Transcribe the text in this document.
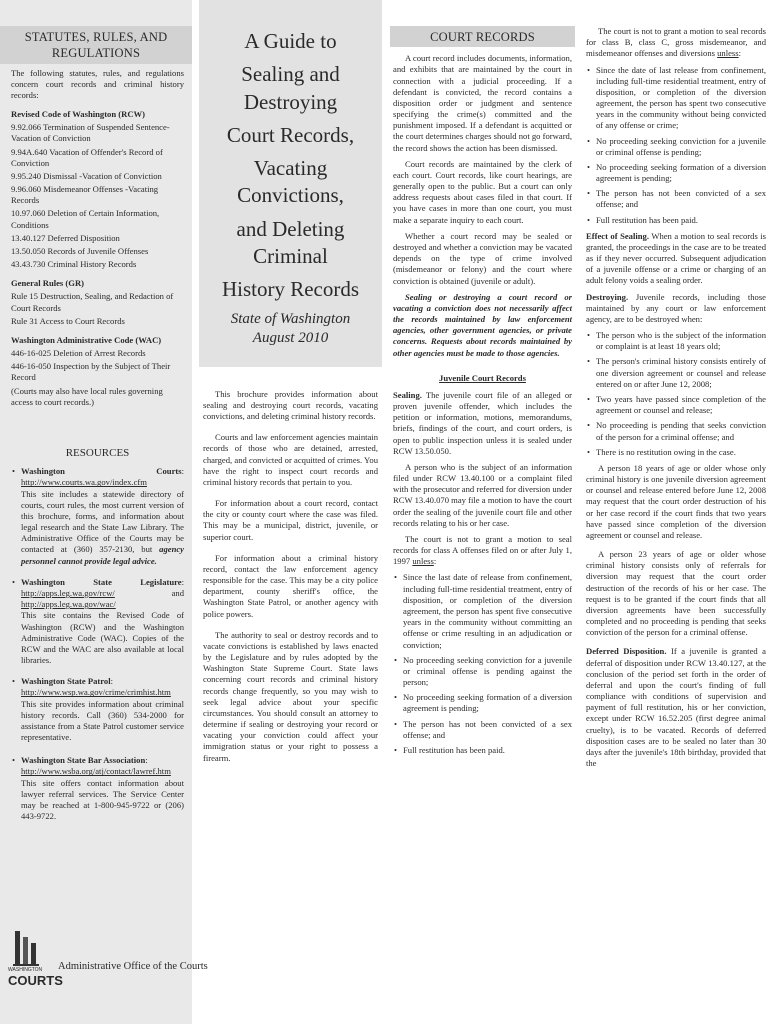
STATUTES, RULES, AND REGULATIONS

The following statutes, rules, and regulations concern court records and criminal history records:

Revised Code of Washington (RCW)
9.92.066 Termination of Suspended Sentence-Vacation of Conviction
9.94A.640 Vacation of Offender's Record of Conviction
9.95.240 Dismissal -Vacation of Conviction
9.96.060 Misdemeanor Offenses -Vacating Records
10.97.060 Deletion of Certain Information, Conditions
13.40.127 Deferred Disposition
13.50.050 Records of Juvenile Offenses
43.43.730 Criminal History Records
General Rules (GR)
Rule 15 Destruction, Sealing, and Redaction of Court Records
Rule 31 Access to Court Records
Washington Administrative Code (WAC)
446-16-025 Deletion of Arrest Records
446-16-050 Inspection by the Subject of Their Record
(Courts may also have local rules governing access to court records.)
RESOURCES
• Washington Courts: http://www.courts.wa.gov/index.cfm
This site includes a statewide directory of courts, court rules, the most current version of this brochure, forms, and information about legal research and the State Law Library. The Administrative Office of the Courts may be contacted at (360) 357-2130, but agency personnel cannot provide legal advice.
• Washington State Legislature: http://apps.leg.wa.gov/rcw/	and http://apps.leg.wa.gov/wac/
This site contains the Revised Code of Washington (RCW) and the Washington Administrative Code (WAC). Copies of the RCW and the WAC are also available at local libraries.
• Washington State Patrol:
http://www.wsp.wa.gov/crime/crimhist.htm
This site provides information about criminal history records. Call (360) 534-2000 for assistance from a State Patrol customer service representative.
• Washington State Bar Association:
http://www.wsba.org/atj/contact/lawref.htm
This site offers contact information about lawyer referral services. The Service Center may be reached at 1-800-945-9722 or (206) 443-9722.
WASHINGTON
COURTS
Administrative Office of the Courts
A Guide to
Sealing and Destroying
Court Records,
Vacating Convictions,
and Deleting Criminal
History Records
State of Washington
August 2010

This brochure provides information about sealing and destroying court records, vacating convictions, and deleting criminal history records.

Courts and law enforcement agencies maintain records of those who are detained, arrested, charged, and convicted or acquitted of crimes. You have the right to inspect court records and criminal history records that pertain to you.

For information about a court record, contact the city or county court where the case was filed. This may be a municipal, district, juvenile, or superior court.

For information about a criminal history record, contact the law enforcement agency responsible for the case. This may be a city police department, county sheriff's office, the Washington State Patrol, or another agency with police powers.

The authority to seal or destroy records and to vacate convictions is established by laws enacted by the Legislature and by rules adopted by the Washington State Supreme Court. State laws concerning court records and criminal history records change frequently, so you may wish to seek legal advice about your specific circumstances. You should consult an attorney to determine if sealing or destroying your record or vacating your conviction could affect your immigration status or your right to possess a firearm.

COURT RECORDS

A court record includes documents, information, and exhibits that are maintained by the court in connection with a judicial proceeding. If a defendant is convicted, the record contains a disposition order or judgment and sentence specifying the crime(s) committed and the punishment imposed. If a defendant is acquitted or the court determines charges should not go forward, the record shows the action has been dismissed.

Court records are maintained by the clerk of each court. Court records, like court hearings, are generally open to the public. But a court can only address requests about cases filed in that court. If you have cases in more than one court, you must make a separate inquiry to each court.

Whether a court record may be sealed or destroyed and whether a conviction may be vacated depends on the type of crime involved (misdemeanor or felony) and the court where conviction is obtained (juvenile or adult).

Sealing or destroying a court record or vacating a conviction does not necessarily affect the records maintained by law enforcement agencies, other government agencies, or private concerns. Requests about records maintained by other agencies must be made to those agencies.

Juvenile Court Records

Sealing. The juvenile court file of an alleged or proven juvenile offender, which includes the petition or information, motions, memorandums, briefs, findings of the court, and court orders, is open to public inspection unless it is sealed under RCW 13.50.050.

A person who is the subject of an information filed under RCW 13.40.100 or a complaint filed with the prosecutor and referred for diversion under RCW 13.40.070 may file a motion to have the court order the sealing of the juvenile court file and other records relating to his or her case.

The court is not to grant a motion to seal records for class A offenses filed on or after July 1, 1997 unless:

• Since the last date of release from confinement, including full-time residential treatment, entry of disposition, or completion of the diversion agreement, the person has spent five consecutive years in the community without committing an offense or crime resulting in an adjudication or conviction;
• No proceeding seeking conviction for a juvenile or criminal offense is pending against the person;
• No proceeding seeking formation of a diversion agreement is pending;
• The person has not been convicted of a sex offense; and
• Full restitution has been paid.

The court is not to grant a motion to seal records for class B, class C, gross misdemeanor, and misdemeanor offenses and diversions unless:

• Since the date of last release from confinement, including full-time residential treatment, entry of disposition, or completion of the diversion agreement, the person has spent two consecutive years in the community without being convicted of any offense or crime;
• No proceeding seeking conviction for a juvenile or criminal offense is pending;
• No proceeding seeking formation of a diversion agreement is pending;
• The person has not been convicted of a sex offense; and
• Full restitution has been paid.

Effect of Sealing. When a motion to seal records is granted, the proceedings in the case are to be treated as if they never occurred. Subsequent adjudication of a juvenile offense or a crime or charging of an adult felony voids a sealing order.

Destroying. Juvenile records, including those maintained by any court or law enforcement agency, are to be destroyed when:

• The person who is the subject of the information or complaint is at least 18 years old;
• The person's criminal history consists entirely of one diversion agreement or counsel and release entered on or after June 12, 2008;
• Two years have passed since completion of the agreement or counsel and release;
• No proceeding is pending that seeks conviction of the person for a criminal offense; and
• There is no restitution owing in the case.

A person 18 years of age or older whose only criminal history is one juvenile diversion agreement or counsel and release entered before June 12, 2008 may request that the court order destruction of his or her case record if the court finds that two years have passed since completion of the diversion agreement or counsel and release.

A person 23 years of age or older whose criminal history consists only of referrals for diversion may request that the court order destruction of the records of his or her case. The request is to be granted if the court finds that all diversion agreements have been successfully completed and no proceeding is pending that seeks conviction of the person for a criminal offense.

Deferred Disposition. If a juvenile is granted a deferral of disposition under RCW 13.40.127, at the conclusion of the period set forth in the order of deferral and upon the court's finding of full compliance with conditions of supervision and payment of full restitution, his or her conviction, except under RCW 16.52.205 (first degree animal cruelty), is to be vacated. Records of deferred disposition cases are to be sealed no later than 30 days after the juvenile's 18th birthday, provided that the
